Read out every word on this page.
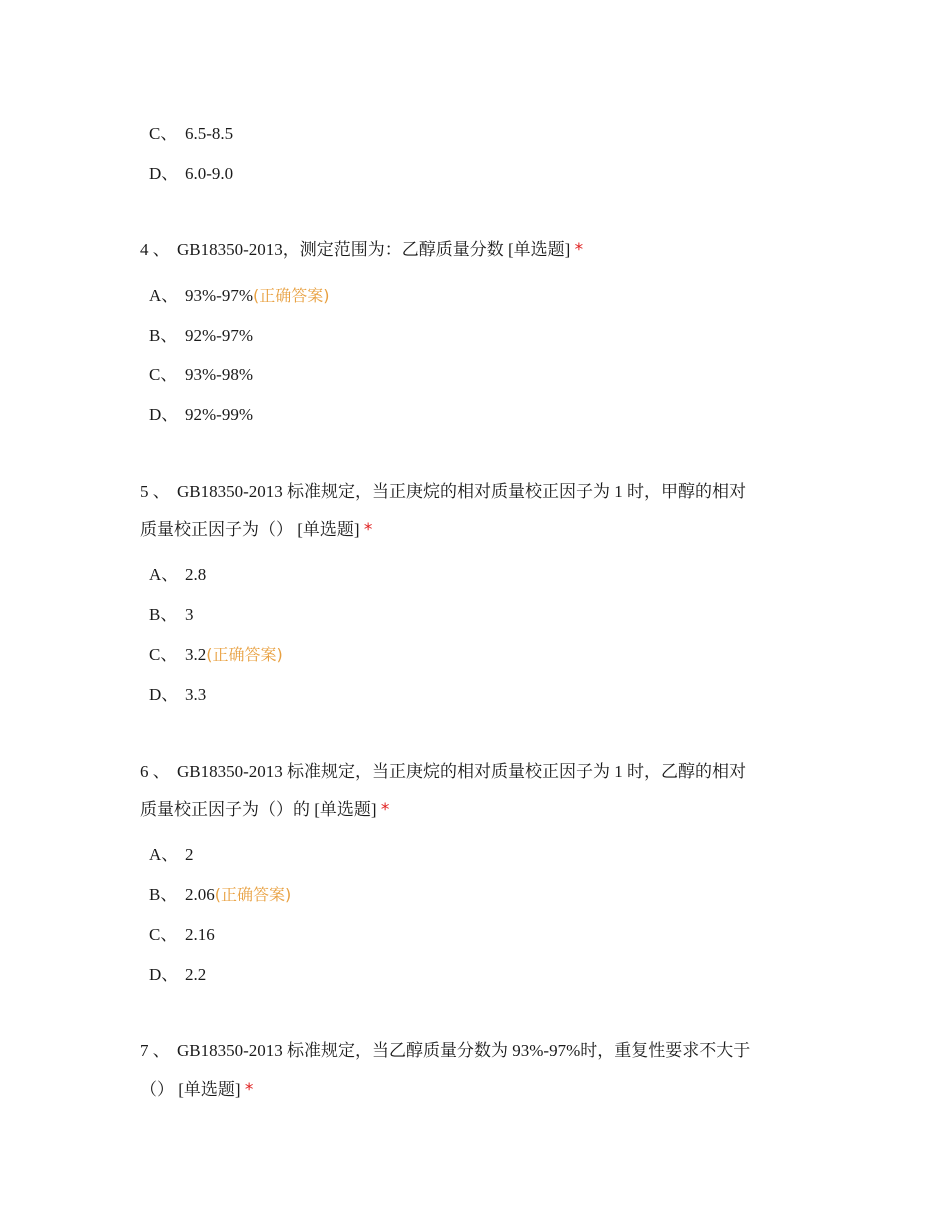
C、 6.5-8.5
D、 6.0-9.0
4 、 GB18350-2013，测定范围为：乙醇质量分数 [单选题] *
A、 93%-97%(正确答案)
B、 92%-97%
C、 93%-98%
D、 92%-99%
5 、 GB18350-2013 标准规定，当正庚烷的相对质量校正因子为 1 时，甲醇的相对
质量校正因子为（） [单选题] *
A、 2.8
B、 3
C、 3.2(正确答案)
D、 3.3
6 、 GB18350-2013 标准规定，当正庚烷的相对质量校正因子为 1 时，乙醇的相对
质量校正因子为（）的 [单选题] *
A、 2
B、 2.06(正确答案)
C、 2.16
D、 2.2
7 、 GB18350-2013 标准规定，当乙醇质量分数为 93%-97%时，重复性要求不大于
（） [单选题] *
